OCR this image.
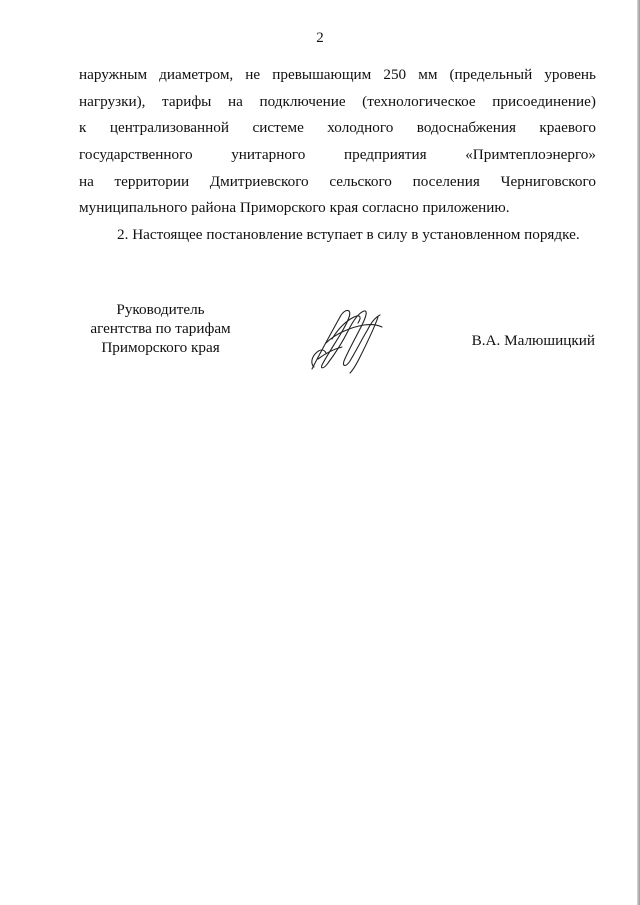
2
наружным диаметром, не превышающим 250 мм (предельный уровень
нагрузки), тарифы на подключение (технологическое присоединение)
к централизованной системе холодного водоснабжения краевого
государственного	унитарного	предприятия	«Примтеплоэнерго»
на территории Дмитриевского сельского поселения Черниговского
муниципального района Приморского края согласно приложению.
2. Настоящее постановление вступает в силу в установленном порядке.
Руководитель
агентства по тарифам
Приморского края	В.А. Малюшицкий
